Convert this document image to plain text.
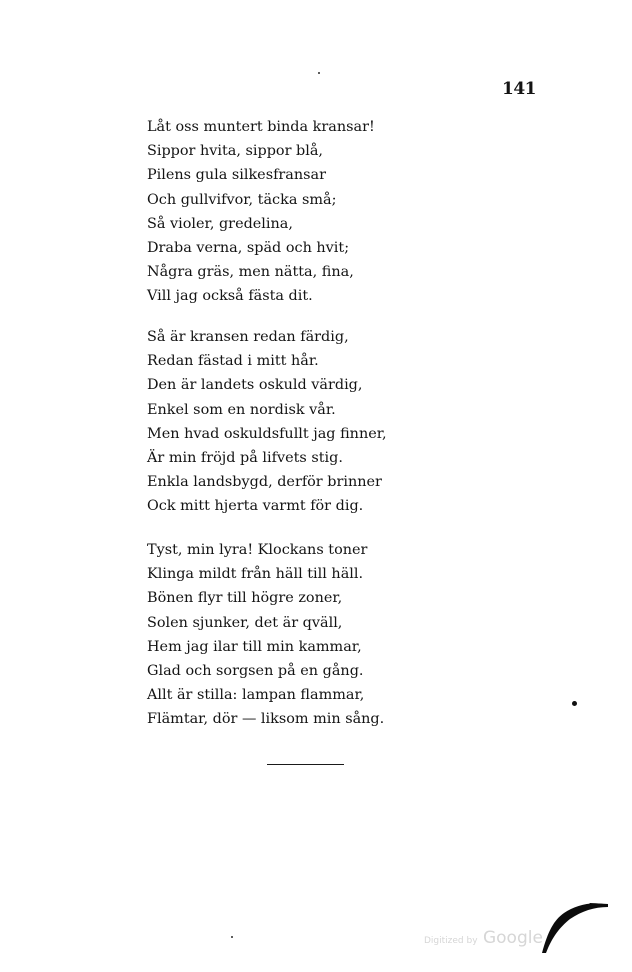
141
Låt oss muntert binda kransar!
Sippor hvita, sippor blå,
Pilens gula silkesfransar
Och gullvifvor, täcka små;
Så violer, gredelina,
Draba verna, späd och hvit;
Några gräs, men nätta, fina,
Vill jag också fästa dit.
Så är kransen redan färdig,
Redan fästad i mitt hår.
Den är landets oskuld värdig,
Enkel som en nordisk vår.
Men hvad oskuldsfullt jag finner,
Är min fröjd på lifvets stig.
Enkla landsbygd, derför brinner
Ock mitt hjerta varmt för dig.
Tyst, min lyra! Klockans toner
Klinga mildt från häll till häll.
Bönen flyr till högre zoner,
Solen sjunker, det är qväll,
Hem jag ilar till min kammar,
Glad och sorgsen på en gång.
Allt är stilla: lampan flammar,
Flämtar, dör — liksom min sång.
Digitized by Google
